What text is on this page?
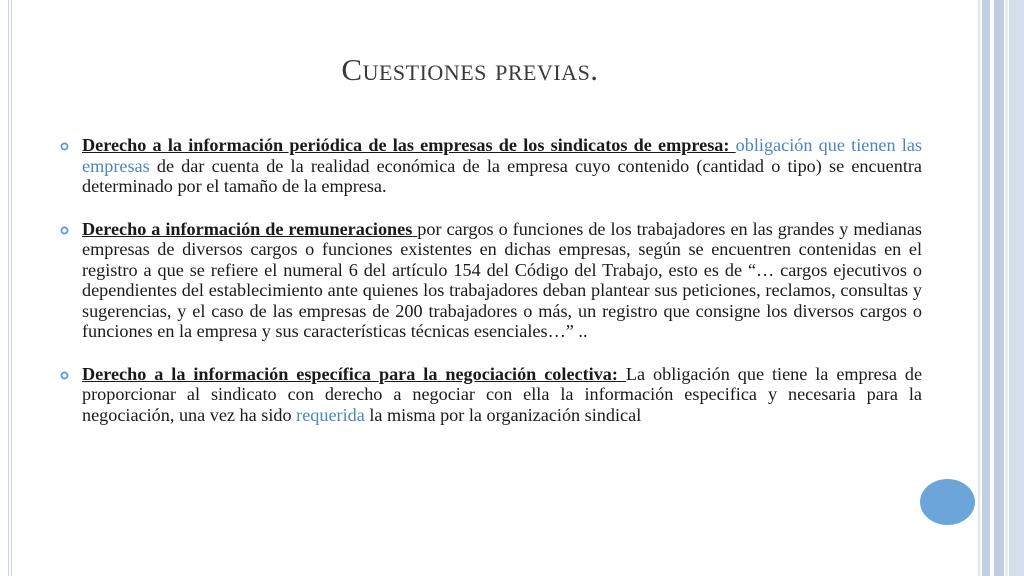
Cuestiones previas.
Derecho a la información periódica de las empresas de los sindicatos de empresa: obligación que tienen las empresas de dar cuenta de la realidad económica de la empresa cuyo contenido (cantidad o tipo) se encuentra determinado por el tamaño de la empresa.
Derecho a información de remuneraciones por cargos o funciones de los trabajadores en las grandes y medianas empresas de diversos cargos o funciones existentes en dichas empresas, según se encuentren contenidas en el registro a que se refiere el numeral 6 del artículo 154 del Código del Trabajo, esto es de “… cargos ejecutivos o dependientes del establecimiento ante quienes los trabajadores deban plantear sus peticiones, reclamos, consultas y sugerencias, y el caso de las empresas de 200 trabajadores o más, un registro que consigne los diversos cargos o funciones en la empresa y sus características técnicas esenciales…” ..
Derecho a la información específica para la negociación colectiva: La obligación que tiene la empresa de proporcionar al sindicato con derecho a negociar con ella la información especifica y necesaria para la negociación, una vez ha sido requerida la misma por la organización sindical
